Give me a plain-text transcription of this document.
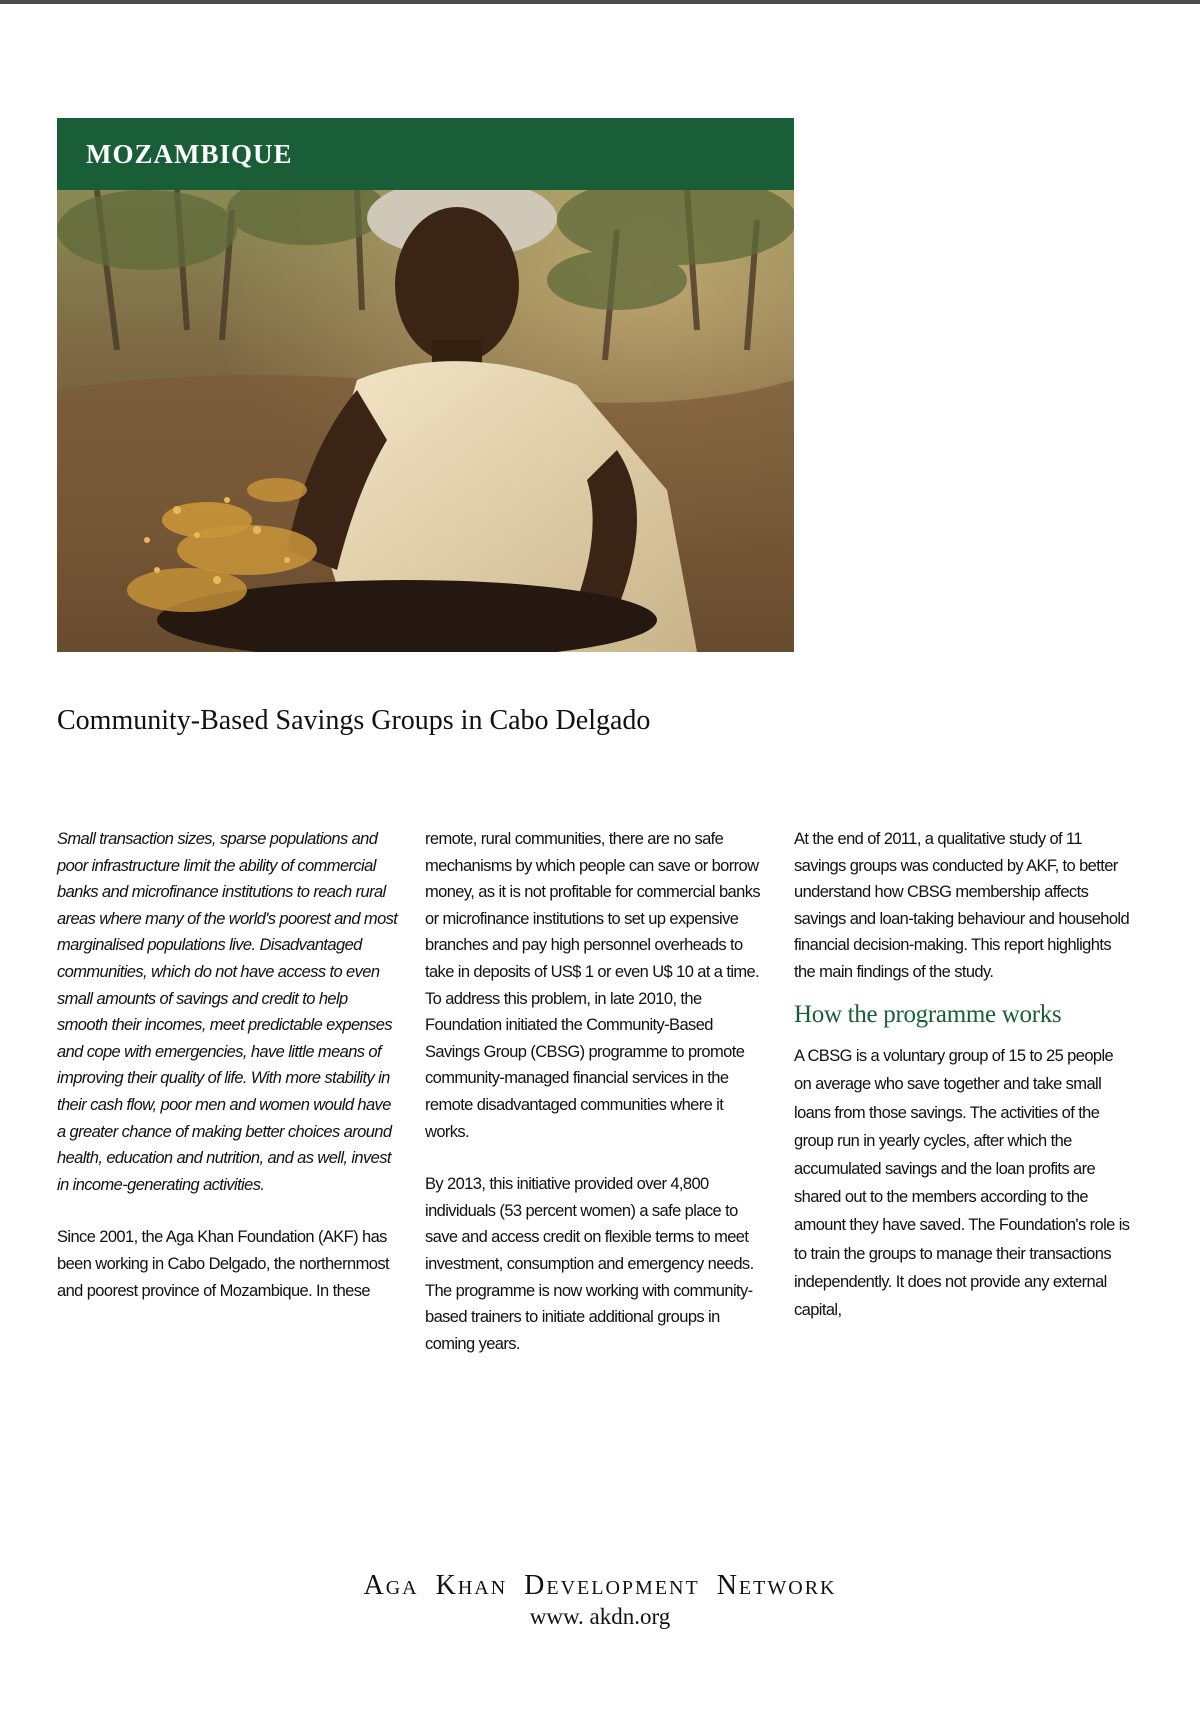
MOZAMBIQUE
Community-Based Savings Groups in Cabo Delgado

Small transaction sizes, sparse populations and poor infrastructure limit the ability of commercial banks and microfinance institutions to reach rural areas where many of the world's poorest and most marginalised populations live. Disadvantaged communities, which do not have access to even small amounts of savings and credit to help smooth their incomes, meet predictable expenses and cope with emergencies, have little means of improving their quality of life. With more stability in their cash flow, poor men and women would have a greater chance of making better choices around health, education and nutrition, and as well, invest in income-generating activities.

Since 2001, the Aga Khan Foundation (AKF) has been working in Cabo Delgado, the northernmost and poorest province of Mozambique. In these

remote, rural communities, there are no safe mechanisms by which people can save or borrow money, as it is not profitable for commercial banks or microfinance institutions to set up expensive branches and pay high personnel overheads to take in deposits of US$ 1 or even U$ 10 at a time. To address this problem, in late 2010, the Foundation initiated the Community-Based Savings Group (CBSG) programme to promote community-managed financial services in the remote disadvantaged communities where it works.

By 2013, this initiative provided over 4,800 individuals (53 percent women) a safe place to save and access credit on flexible terms to meet investment, consumption and emergency needs. The programme is now working with community-based trainers to initiate additional groups in coming years.

At the end of 2011, a qualitative study of 11 savings groups was conducted by AKF, to better understand how CBSG membership affects savings and loan-taking behaviour and household financial decision-making. This report highlights the main findings of the study.

How the programme works

A CBSG is a voluntary group of 15 to 25 people on average who save together and take small loans from those savings. The activities of the group run in yearly cycles, after which the accumulated savings and the loan profits are shared out to the members according to the amount they have saved. The Foundation's role is to train the groups to manage their transactions independently. It does not provide any external capital,

Aga Khan Development Network
www. akdn.org
